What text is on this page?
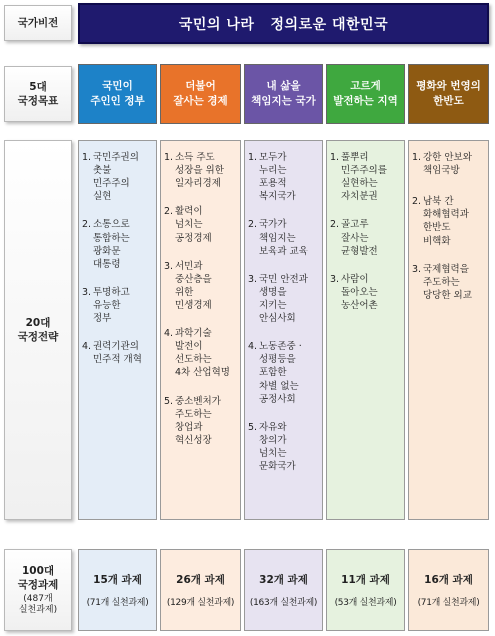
국가비전
5대
국정목표
20대
국정전략
100대
국정과제
(487개
실천과제)
국민의 나라   정의로운 대한민국
국민이
주인인 정부
1. 국민주권의
촛불
민주주의
실현
2. 소통으로
통합하는
광화문
대통령
3. 투명하고
유능한
정부
4. 권력기관의
민주적 개혁
15개 과제
(71개 실천과제)
더불어
잘사는 경제
1. 소득 주도
성장을 위한
일자리경제
2. 활력이
넘치는
공정경제
3. 서민과
중산층을
위한
민생경제
4. 과학기술
발전이
선도하는
4차 산업혁명
5. 중소벤처가
주도하는
창업과
혁신성장
26개 과제
(129개 실천과제)
내 삶을
책임지는 국가
1. 모두가
누리는
포용적
복지국가
2. 국가가
책임지는
보육과 교육
3. 국민 안전과
생명을
지키는
안심사회
4. 노동존중 ·
성평등을
포함한
차별 없는
공정사회
5. 자유와
창의가
넘치는
문화국가
32개 과제
(163개 실천과제)
고르게
발전하는 지역
1. 풀뿌리
민주주의를
실현하는
자치분권
2. 골고루
잘사는
균형발전
3. 사람이
돌아오는
농산어촌
11개 과제
(53개 실천과제)
평화와 번영의
한반도
1. 강한 안보와
책임국방
2. 남북 간
화해협력과
한반도
비핵화
3. 국제협력을
주도하는
당당한 외교
16개 과제
(71개 실천과제)
